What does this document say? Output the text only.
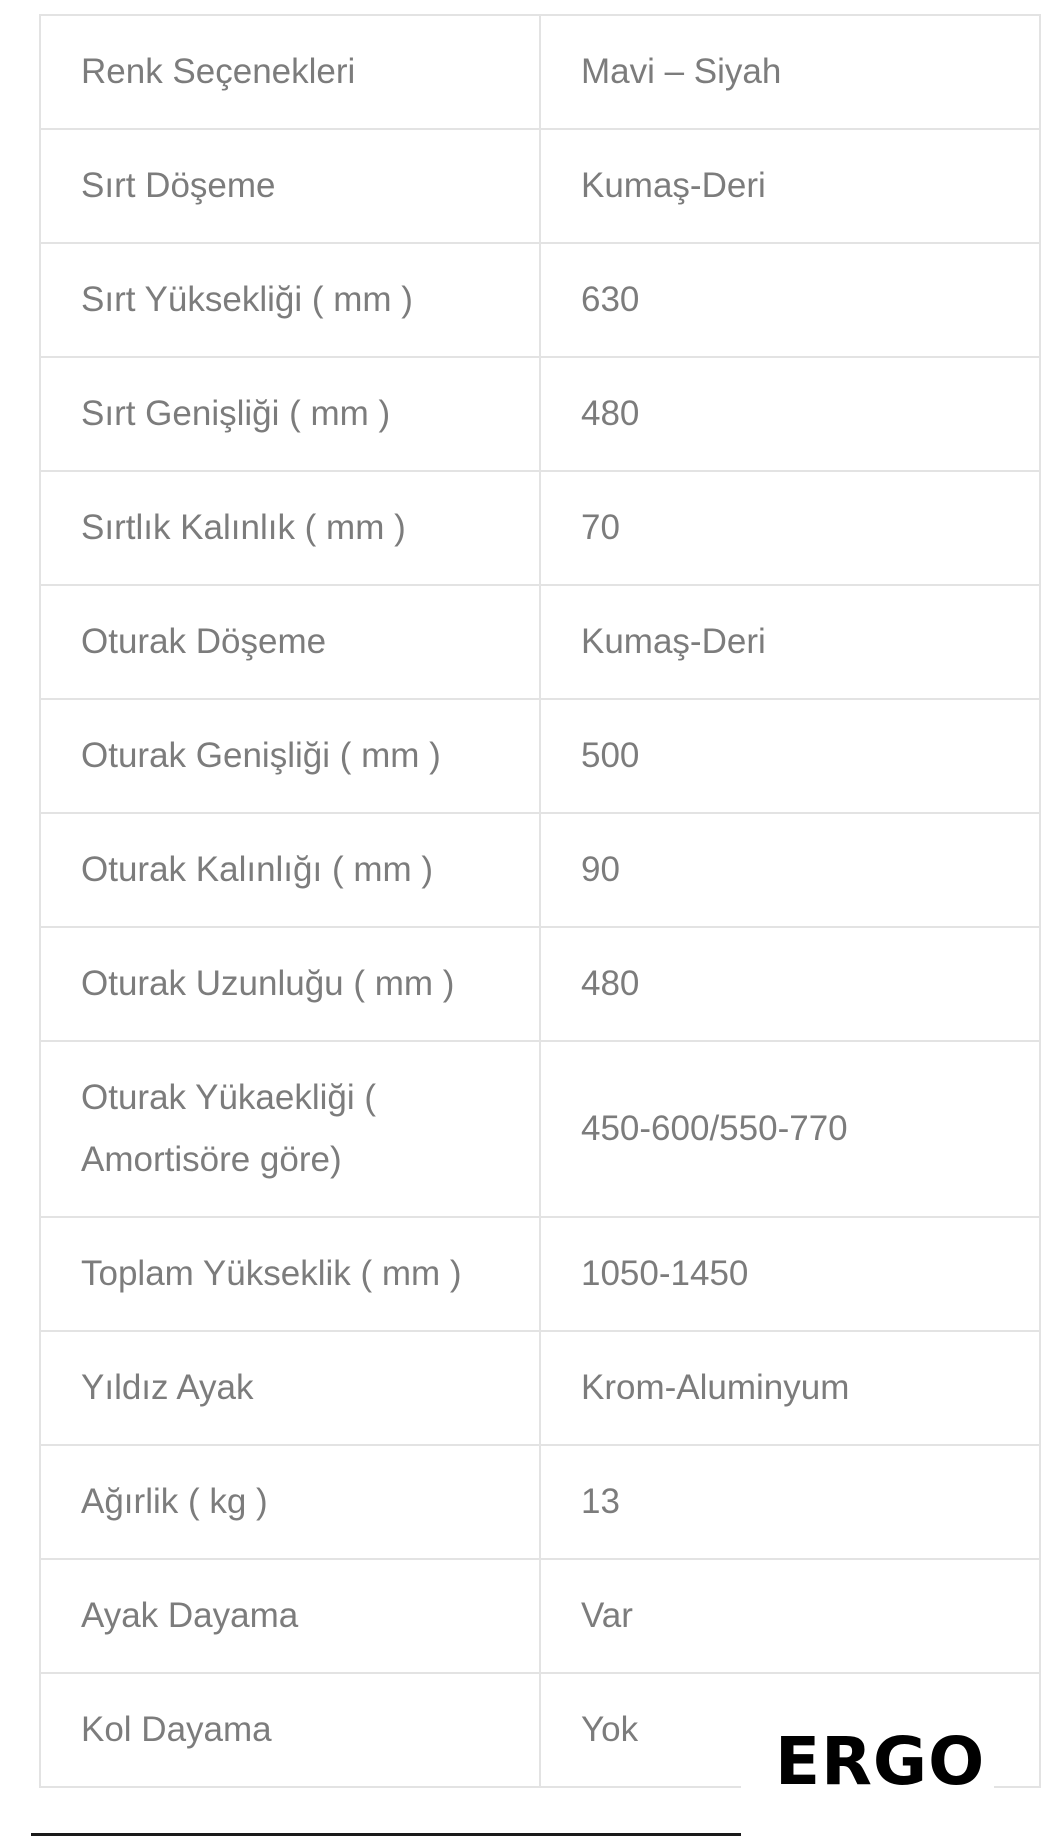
Renk Seçenekleri	Mavi – Siyah
Sırt Döşeme	Kumaş-Deri
Sırt Yüksekliği ( mm )	630
Sırt Genişliği ( mm )	480
Sırtlık Kalınlık ( mm )	70
Oturak Döşeme	Kumaş-Deri
Oturak Genişliği ( mm )	500
Oturak Kalınlığı ( mm )	90
Oturak Uzunluğu ( mm )	480
Oturak Yükaekliği ( Amortisöre göre)	450-600/550-770
Toplam Yükseklik ( mm )	1050-1450
Yıldız Ayak	Krom-Aluminyum
Ağırlik ( kg )	13
Ayak Dayama	Var
Kol Dayama	Yok ERGO
